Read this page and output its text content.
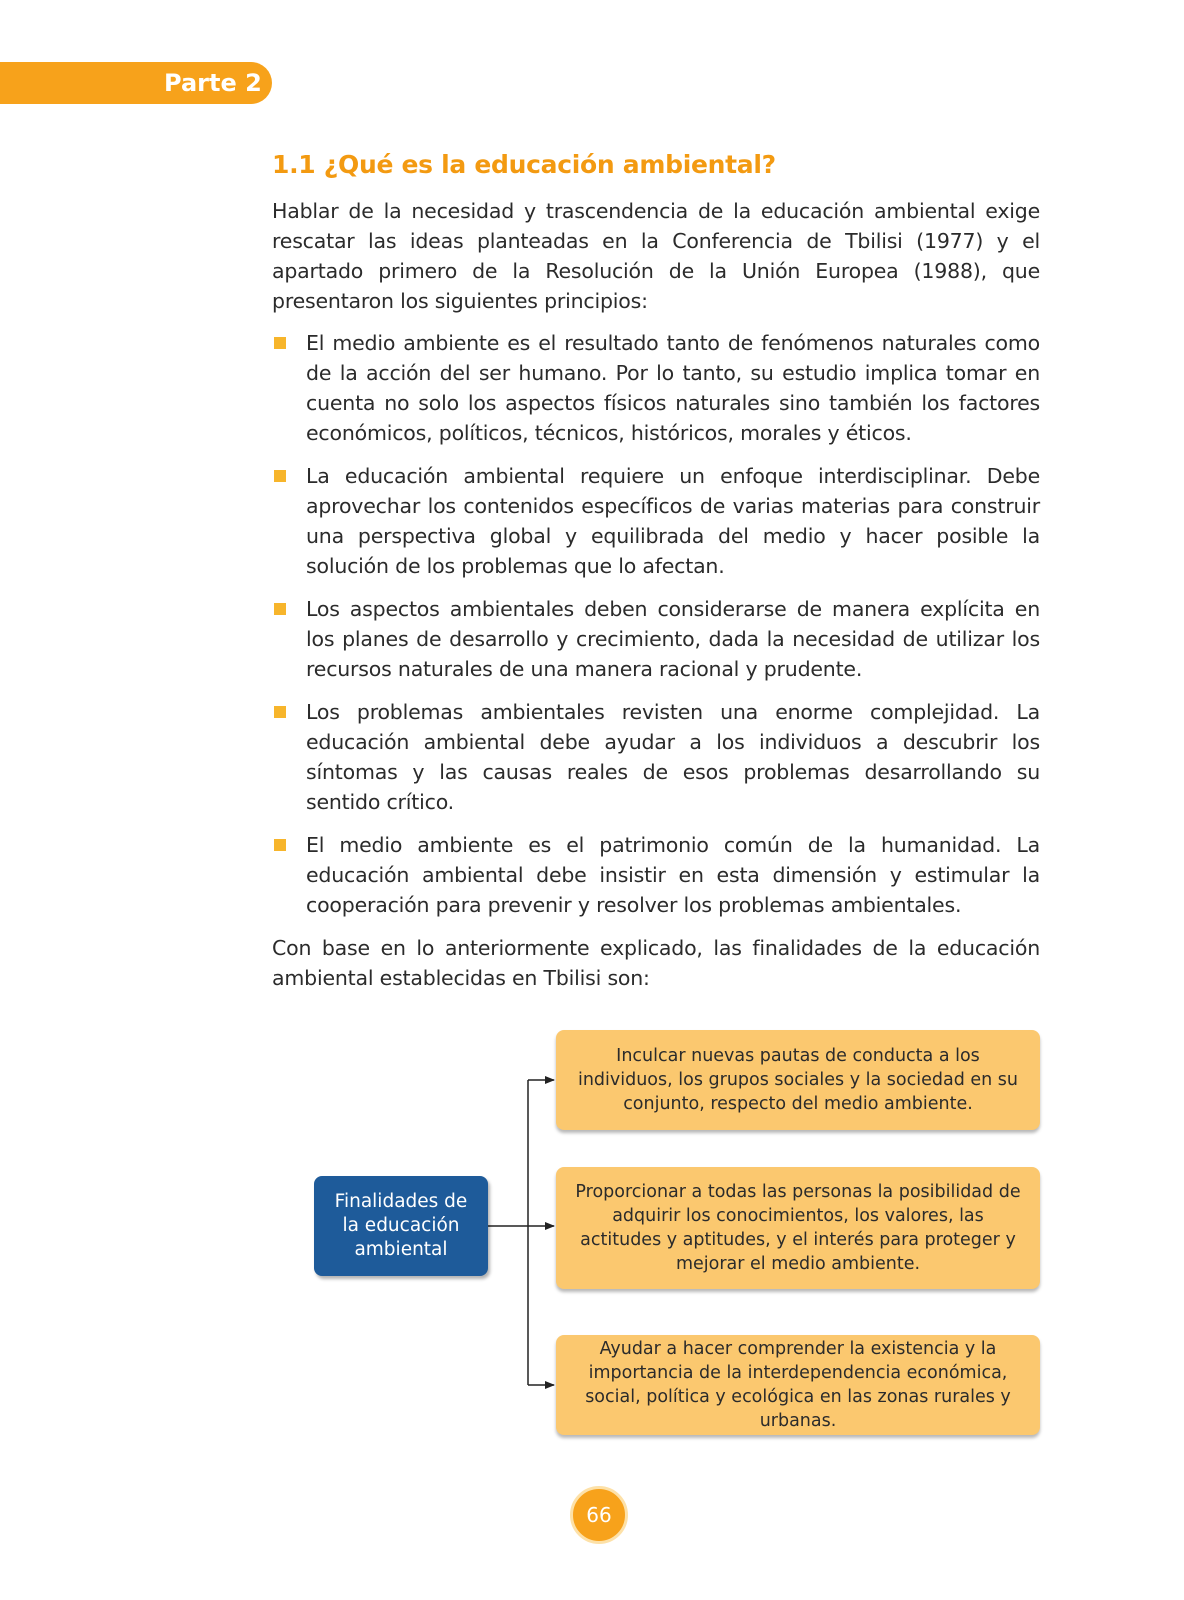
Parte 2
1.1 ¿Qué es la educación ambiental?

Hablar de la necesidad y trascendencia de la educación ambiental exige rescatar las ideas planteadas en la Conferencia de Tbilisi (1977) y el apartado primero de la Resolución de la Unión Europea (1988), que presentaron los siguientes principios:

El medio ambiente es el resultado tanto de fenómenos naturales como de la acción del ser humano. Por lo tanto, su estudio implica tomar en cuenta no solo los aspectos físicos naturales sino también los factores económicos, políticos, técnicos, históricos, morales y éticos.
La educación ambiental requiere un enfoque interdisciplinar. Debe aprovechar los contenidos específicos de varias materias para construir una perspectiva global y equilibrada del medio y hacer posible la solución de los problemas que lo afectan.
Los aspectos ambientales deben considerarse de manera explícita en los planes de desarrollo y crecimiento, dada la necesidad de utilizar los recursos naturales de una manera racional y prudente.
Los problemas ambientales revisten una enorme complejidad. La educación ambiental debe ayudar a los individuos a descubrir los síntomas y las causas reales de esos problemas desarrollando su sentido crítico.
El medio ambiente es el patrimonio común de la humanidad. La educación ambiental debe insistir en esta dimensión y estimular la cooperación para prevenir y resolver los problemas ambientales.

Con base en lo anteriormente explicado, las finalidades de la educación ambiental establecidas en Tbilisi son:

Finalidades de la educación ambiental
Inculcar nuevas pautas de conducta a los individuos, los grupos sociales y la sociedad en su conjunto, respecto del medio ambiente.
Proporcionar a todas las personas la posibilidad de adquirir los conocimientos, los valores, las actitudes y aptitudes, y el interés para proteger y mejorar el medio ambiente.
Ayudar a hacer comprender la existencia y la importancia de la interdependencia económica, social, política y ecológica en las zonas rurales y urbanas.
66
